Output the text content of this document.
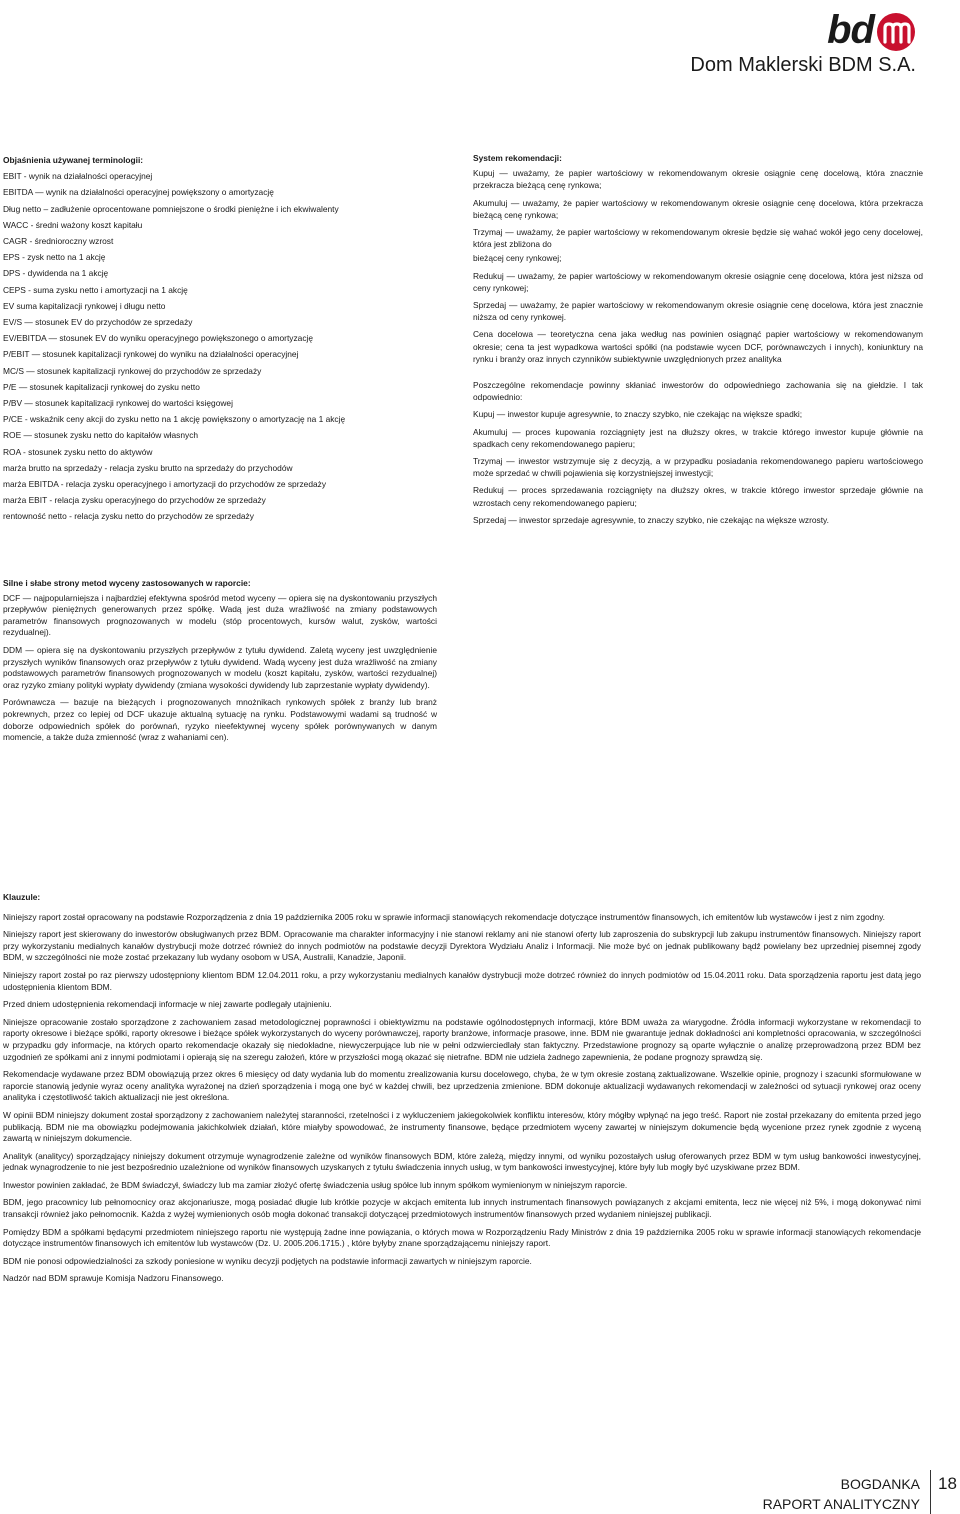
bd
Dom Maklerski BDM S.A.
Objaśnienia używanej terminologii:
EBIT - wynik na działalności operacyjnej
EBITDA — wynik na działalności operacyjnej powiększony o amortyzację
Dług netto – zadłużenie oprocentowane pomniejszone o środki pieniężne i ich ekwiwalenty
WACC - średni ważony koszt kapitału
CAGR - średnioroczny wzrost
EPS - zysk netto na 1 akcję
DPS - dywidenda na 1 akcję
CEPS - suma zysku netto i amortyzacji na 1 akcję
EV suma kapitalizacji rynkowej i długu netto
EV/S — stosunek EV do przychodów ze sprzedaży
EV/EBITDA — stosunek EV do wyniku operacyjnego powiększonego o amortyzację
P/EBIT — stosunek kapitalizacji rynkowej do wyniku na działalności operacyjnej
MC/S — stosunek kapitalizacji rynkowej do przychodów ze sprzedaży
P/E — stosunek kapitalizacji rynkowej do zysku netto
P/BV — stosunek kapitalizacji rynkowej do wartości księgowej
P/CE - wskaźnik ceny akcji do zysku netto na 1 akcję powiększony o amortyzację na 1 akcję
ROE — stosunek zysku netto do kapitałów własnych
ROA - stosunek zysku netto do aktywów
marża brutto na sprzedaży - relacja zysku brutto na sprzedaży do przychodów
marża EBITDA - relacja zysku operacyjnego i amortyzacji do przychodów ze sprzedaży
marża EBIT - relacja zysku operacyjnego do przychodów ze sprzedaży
rentowność netto - relacja zysku netto do przychodów ze sprzedaży
System rekomendacji:

Kupuj — uważamy, że papier wartościowy w rekomendowanym okresie osiągnie cenę docelową, która znacznie przekracza bieżącą cenę rynkowa;

Akumuluj — uważamy, że papier wartościowy w rekomendowanym okresie osiągnie cenę docelowa, która przekracza bieżącą cenę rynkowa;

Trzymaj — uważamy, że papier wartościowy w rekomendowanym okresie będzie się wahać wokół jego ceny docelowej, która jest zbliżona do

bieżącej ceny rynkowej;

Redukuj — uważamy, że papier wartościowy w rekomendowanym okresie osiągnie cenę docelowa, która jest niższa od ceny rynkowej;

Sprzedaj — uważamy, że papier wartościowy w rekomendowanym okresie osiągnie cenę docelowa, która jest znacznie niższa od ceny rynkowej.

Cena docelowa — teoretyczna cena jaka według nas powinien osiągnąć papier wartościowy w rekomendowanym okresie; cena ta jest wypadkowa wartości spółki (na podstawie wycen DCF, porównawczych i innych), koniunktury na rynku i branży oraz innych czynników subiektywnie uwzględnionych przez analityka

Poszczególne rekomendacje powinny skłaniać inwestorów do odpowiedniego zachowania się na giełdzie. I tak odpowiednio:

Kupuj — inwestor kupuje agresywnie, to znaczy szybko, nie czekając na większe spadki;

Akumuluj — proces kupowania rozciągnięty jest na dłuższy okres, w trakcie którego inwestor kupuje głównie na spadkach ceny rekomendowanego papieru;

Trzymaj — inwestor wstrzymuje się z decyzją, a w przypadku posiadania rekomendowanego papieru wartościowego może sprzedać w chwili pojawienia się korzystniejszej inwestycji;

Redukuj — proces sprzedawania rozciągnięty na dłuższy okres, w trakcie którego inwestor sprzedaje głównie na wzrostach ceny rekomendowanego papieru;

Sprzedaj — inwestor sprzedaje agresywnie, to znaczy szybko, nie czekając na większe wzrosty.

Silne i słabe strony metod wyceny zastosowanych w raporcie:

DCF — najpopularniejsza i najbardziej efektywna spośród metod wyceny — opiera się na dyskontowaniu przyszłych przepływów pieniężnych generowanych przez spółkę. Wadą jest duża wrażliwość na zmiany podstawowych parametrów finansowych prognozowanych w modelu (stóp procentowych, kursów walut, zysków, wartości rezydualnej).

DDM — opiera się na dyskontowaniu przyszłych przepływów z tytułu dywidend. Zaletą wyceny jest uwzględnienie przyszłych wyników finansowych oraz przepływów z tytułu dywidend. Wadą wyceny jest duża wrażliwość na zmiany podstawowych parametrów finansowych prognozowanych w modelu (koszt kapitału, zysków, wartości rezydualnej) oraz ryzyko zmiany polityki wypłaty dywidendy (zmiana wysokości dywidendy lub zaprzestanie wypłaty dywidendy).

Porównawcza — bazuje na bieżących i prognozowanych mnożnikach rynkowych spółek z branży lub branż pokrewnych, przez co lepiej od DCF ukazuje aktualną sytuację na rynku. Podstawowymi wadami są trudność w doborze odpowiednich spółek do porównań, ryzyko nieefektywnej wyceny spółek porównywanych w danym momencie, a także duża zmienność (wraz z wahaniami cen).

Klauzule:

Niniejszy raport został opracowany na podstawie Rozporządzenia z dnia 19 października 2005 roku w sprawie informacji stanowiących rekomendacje dotyczące instrumentów finansowych, ich emitentów lub wystawców i jest z nim zgodny.

Niniejszy raport jest skierowany do inwestorów obsługiwanych przez BDM. Opracowanie ma charakter informacyjny i nie stanowi reklamy ani nie stanowi oferty lub zaproszenia do subskrypcji lub zakupu instrumentów finansowych. Niniejszy raport przy wykorzystaniu medialnych kanałów dystrybucji może dotrzeć również do innych podmiotów na podstawie decyzji Dyrektora Wydziału Analiz i Informacji. Nie może być on jednak publikowany bądź powielany bez uprzedniej pisemnej zgody BDM, w szczególności nie może zostać przekazany lub wydany osobom w USA, Australii, Kanadzie, Japonii.

Niniejszy raport został po raz pierwszy udostępniony klientom BDM 12.04.2011 roku, a przy wykorzystaniu medialnych kanałów dystrybucji może dotrzeć również do innych podmiotów od 15.04.2011 roku. Data sporządzenia raportu jest datą jego udostępnienia klientom BDM.

Przed dniem udostępnienia rekomendacji informacje w niej zawarte podlegały utajnieniu.

Niniejsze opracowanie zostało sporządzone z zachowaniem zasad metodologicznej poprawności i obiektywizmu na podstawie ogólnodostępnych informacji, które BDM uważa za wiarygodne. Źródła informacji wykorzystane w rekomendacji to raporty okresowe i bieżące spółki, raporty okresowe i bieżące spółek wykorzystanych do wyceny porównawczej, raporty branżowe, informacje prasowe, inne. BDM nie gwarantuje jednak dokładności ani kompletności opracowania, w szczególności w przypadku gdy informacje, na których oparto rekomendacje okazały się niedokładne, niewyczerpujące lub nie w pełni odzwierciedlały stan faktyczny. Przedstawione prognozy są oparte wyłącznie o analizę przeprowadzoną przez BDM bez uzgodnień ze spółkami ani z innymi podmiotami i opierają się na szeregu założeń, które w przyszłości mogą okazać się nietrafne. BDM nie udziela żadnego zapewnienia, że podane prognozy sprawdzą się.

Rekomendacje wydawane przez BDM obowiązują przez okres 6 miesięcy od daty wydania lub do momentu zrealizowania kursu docelowego, chyba, że w tym okresie zostaną zaktualizowane. Wszelkie opinie, prognozy i szacunki sformułowane w raporcie stanowią jedynie wyraz oceny analityka wyrażonej na dzień sporządzenia i mogą one być w każdej chwili, bez uprzedzenia zmienione. BDM dokonuje aktualizacji wydawanych rekomendacji w zależności od sytuacji rynkowej oraz oceny analityka i częstotliwość takich aktualizacji nie jest określona.

W opinii BDM niniejszy dokument został sporządzony z zachowaniem należytej staranności, rzetelności i z wykluczeniem jakiegokolwiek konfliktu interesów, który mógłby wpłynąć na jego treść. Raport nie został przekazany do emitenta przed jego publikacją. BDM nie ma obowiązku podejmowania jakichkolwiek działań, które miałyby spowodować, że instrumenty finansowe, będące przedmiotem wyceny zawartej w niniejszym dokumencie będą wycenione przez rynek zgodnie z wyceną zawartą w niniejszym dokumencie.

Analityk (analitycy) sporządzający niniejszy dokument otrzymuje wynagrodzenie zależne od wyników finansowych BDM, które zależą, między innymi, od wyniku pozostałych usług oferowanych przez BDM w tym usług bankowości inwestycyjnej, jednak wynagrodzenie to nie jest bezpośrednio uzależnione od wyników finansowych uzyskanych z tytułu świadczenia innych usług, w tym bankowości inwestycyjnej, które były lub mogły być uzyskiwane przez BDM.

Inwestor powinien zakładać, że BDM świadczył, świadczy lub ma zamiar złożyć ofertę świadczenia usług spółce lub innym spółkom wymienionym w niniejszym raporcie.

BDM, jego pracownicy lub pełnomocnicy oraz akcjonariusze, mogą posiadać długie lub krótkie pozycje w akcjach emitenta lub innych instrumentach finansowych powiązanych z akcjami emitenta, lecz nie więcej niż 5%, i mogą dokonywać nimi transakcji również jako pełnomocnik. Każda z wyżej wymienionych osób mogła dokonać transakcji dotyczącej przedmiotowych instrumentów finansowych przed wydaniem niniejszej publikacji.

Pomiędzy BDM a spółkami będącymi przedmiotem niniejszego raportu nie występują żadne inne powiązania, o których mowa w Rozporządzeniu Rady Ministrów z dnia 19 października 2005 roku w sprawie informacji stanowiących rekomendacje dotyczące instrumentów finansowych ich emitentów lub wystawców (Dz. U. 2005.206.1715.) , które byłyby znane sporządzającemu niniejszy raport.

BDM nie ponosi odpowiedzialności za szkody poniesione w wyniku decyzji podjętych na podstawie informacji zawartych w niniejszym raporcie.

Nadzór nad BDM sprawuje Komisja Nadzoru Finansowego.

BOGDANKA
RAPORT ANALITYCZNY
18
